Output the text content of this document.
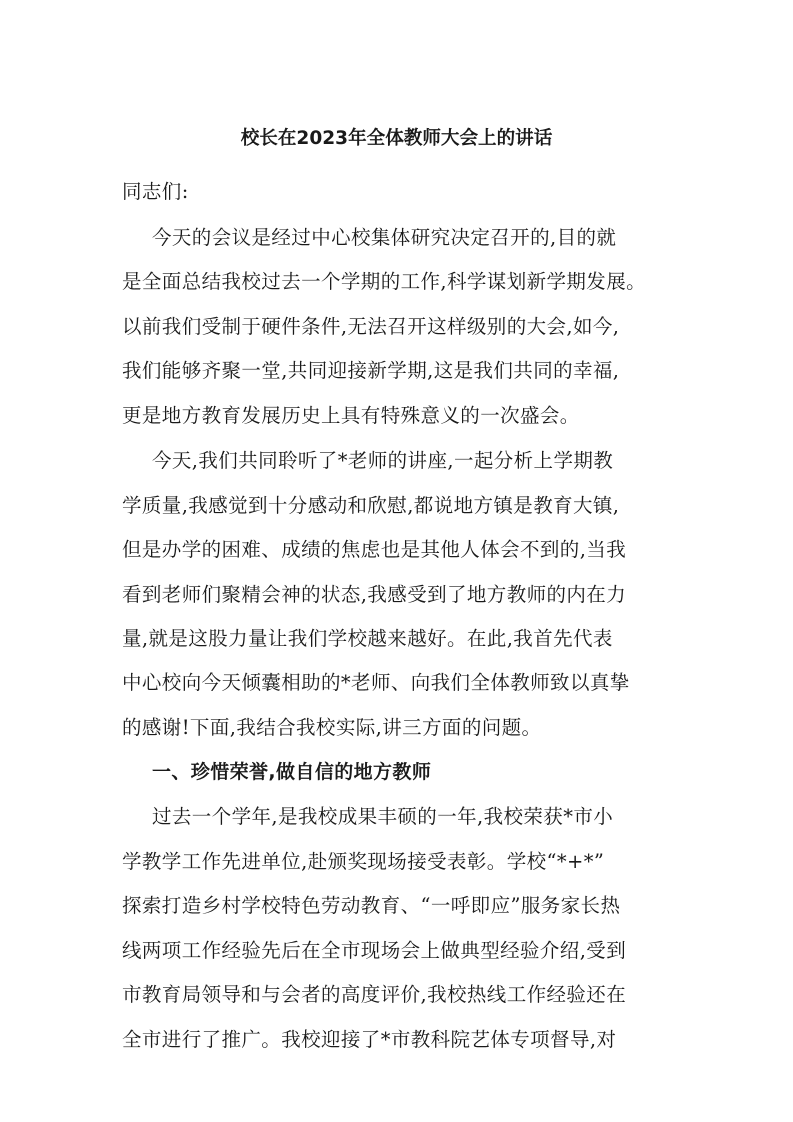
校长在2023年全体教师大会上的讲话
同志们:
今天的会议是经过中心校集体研究决定召开的,目的就
是全面总结我校过去一个学期的工作,科学谋划新学期发展。
以前我们受制于硬件条件,无法召开这样级别的大会,如今,
我们能够齐聚一堂,共同迎接新学期,这是我们共同的幸福,
更是地方教育发展历史上具有特殊意义的一次盛会。
今天,我们共同聆听了*老师的讲座,一起分析上学期教
学质量,我感觉到十分感动和欣慰,都说地方镇是教育大镇,
但是办学的困难、成绩的焦虑也是其他人体会不到的,当我
看到老师们聚精会神的状态,我感受到了地方教师的内在力
量,就是这股力量让我们学校越来越好。在此,我首先代表
中心校向今天倾囊相助的*老师、向我们全体教师致以真挚
的感谢!下面,我结合我校实际,讲三方面的问题。
一、珍惜荣誉,做自信的地方教师
过去一个学年,是我校成果丰硕的一年,我校荣获*市小
学教学工作先进单位,赴颁奖现场接受表彰。学校“*+*”
探索打造乡村学校特色劳动教育、“一呼即应”服务家长热
线两项工作经验先后在全市现场会上做典型经验介绍,受到
市教育局领导和与会者的高度评价,我校热线工作经验还在
全市进行了推广。我校迎接了*市教科院艺体专项督导,对
